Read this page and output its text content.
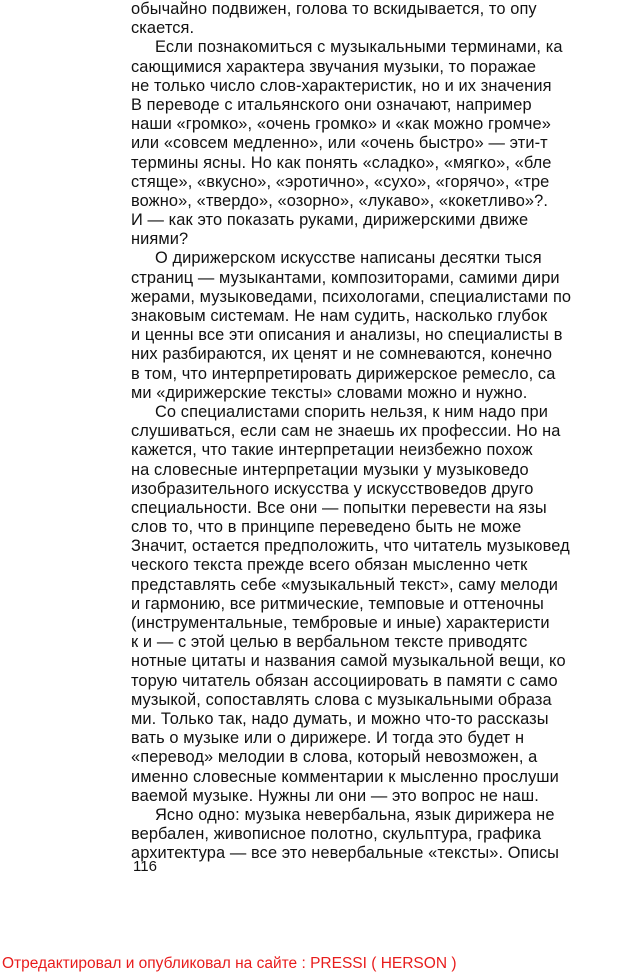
обычайно подвижен, голова то вскидывается, то опу
скается.
Если познакомиться с музыкальными терминами, ка
сающимися характера звучания музыки, то поражае
не только число слов-характеристик, но и их значения
В переводе с итальянского они означают, например
наши «громко», «очень громко» и «как можно громче»
или «совсем медленно», или «очень быстро» — эти-т
термины ясны. Но как понять «сладко», «мягко», «бле
стяще», «вкусно», «эротично», «сухо», «горячо», «тре
вожно», «твердо», «озорно», «лукаво», «кокетливо»?.
И — как это показать руками, дирижерскими движе
ниями?
О дирижерском искусстве написаны десятки тыся
страниц — музыкантами, композиторами, самими дири
жерами, музыковедами, психологами, специалистами по
знаковым системам. Не нам судить, насколько глубок
и ценны все эти описания и анализы, но специалисты в
них разбираются, их ценят и не сомневаются, конечно
в том, что интерпретировать дирижерское ремесло, са
ми «дирижерские тексты» словами можно и нужно.
Со специалистами спорить нельзя, к ним надо при
слушиваться, если сам не знаешь их профессии. Но на
кажется, что такие интерпретации неизбежно похож
на словесные интерпретации музыки у музыковедо
изобразительного искусства у искусствоведов друго
специальности. Все они — попытки перевести на язы
слов то, что в принципе переведено быть не може
Значит, остается предположить, что читатель музыковед
ческого текста прежде всего обязан мысленно четк
представлять себе «музыкальный текст», саму мелоди
и гармонию, все ритмические, темповые и оттеночны
(инструментальные, тембровые и иные) характеристи
к и — с этой целью в вербальном тексте приводятс
нотные цитаты и названия самой музыкальной вещи, ко
торую читатель обязан ассоциировать в памяти с само
музыкой, сопоставлять слова с музыкальными образа
ми. Только так, надо думать, и можно что-то рассказы
вать о музыке или о дирижере. И тогда это будет н
«перевод» мелодии в слова, который невозможен, а
именно словесные комментарии к мысленно прослуши
ваемой музыке. Нужны ли они — это вопрос не наш.
Ясно одно: музыка невербальна, язык дирижера не
вербален, живописное полотно, скульптура, графика
архитектура — все это невербальные «тексты». Описы
116
Отредактировал и опубликовал на сайте : PRESSI ( HERSON )
